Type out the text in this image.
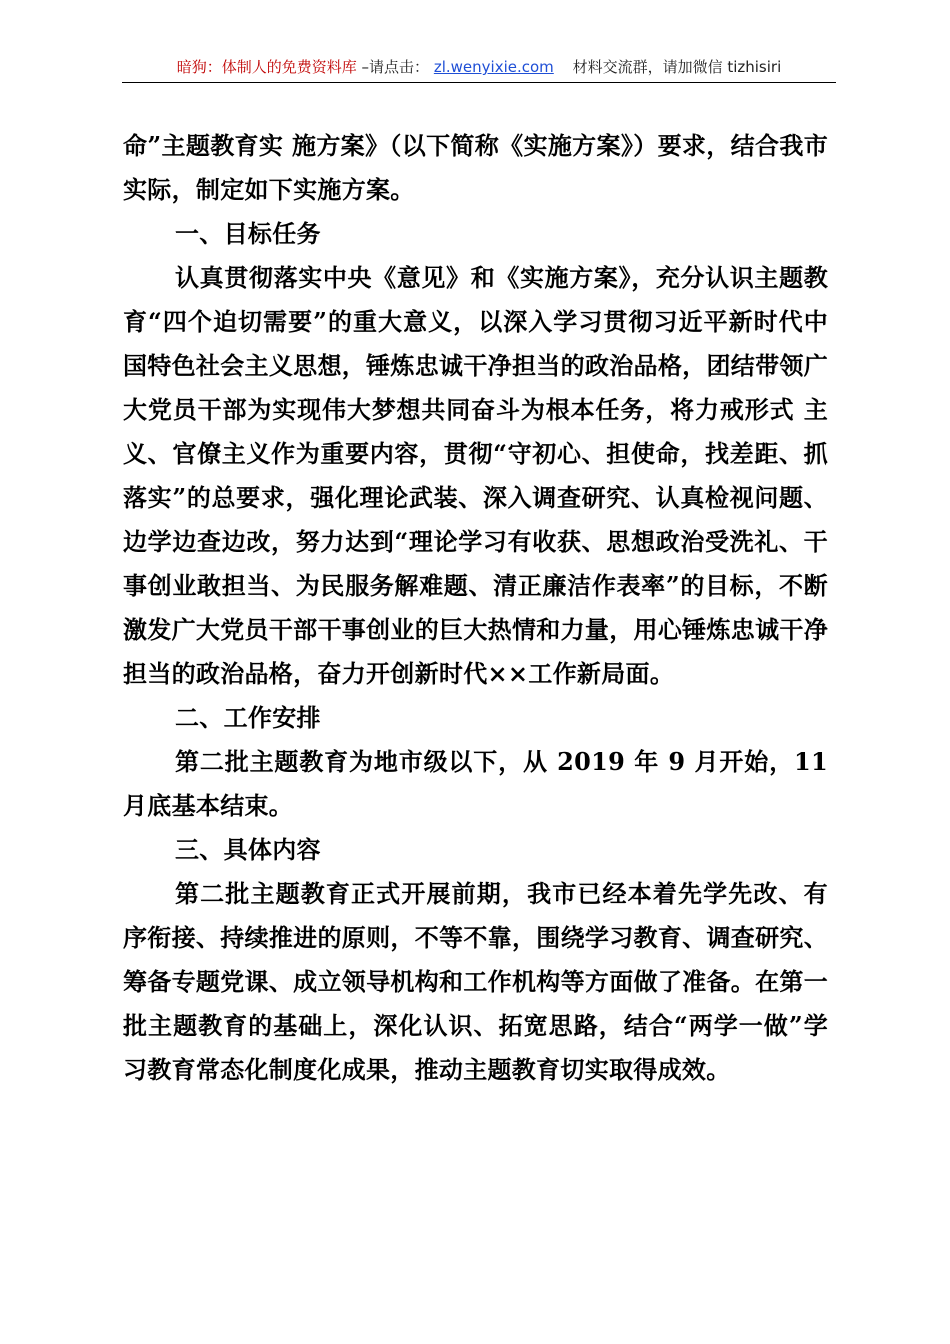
暗狗：体制人的免费资料库 –请点击： zl.wenyixie.com 材料交流群，请加微信 tizhisiri

命”主题教育实 施方案》（以下简称《实施方案》）要求，结合我市实际，制定如下实施方案。

一、目标任务

认真贯彻落实中央《意见》和《实施方案》，充分认识主题教育“四个迫切需要”的重大意义，以深入学习贯彻习近平新时代中国特色社会主义思想，锤炼忠诚干净担当的政治品格，团结带领广大党员干部为实现伟大梦想共同奋斗为根本任务，将力戒形式 主义、官僚主义作为重要内容，贯彻“守初心、担使命，找差距、抓落实”的总要求，强化理论武装、深入调查研究、认真检视问题、边学边查边改，努力达到“理论学习有收获、思想政治受洗礼、干事创业敢担当、为民服务解难题、清正廉洁作表率”的目标，不断激发广大党员干部干事创业的巨大热情和力量，用心锤炼忠诚干净 担当的政治品格，奋力开创新时代××工作新局面。

二、工作安排

第二批主题教育为地市级以下，从 2019 年 9 月开始，11 月底基本结束。

三、具体内容

第二批主题教育正式开展前期，我市已经本着先学先改、有序衔接、持续推进的原则，不等不靠，围绕学习教育、调查研究、筹备专题党课、成立领导机构和工作机构等方面做了准备。在第一批主题教育的基础上，深化认识、拓宽思路，结合“两学一做”学习教育常态化制度化成果，推动主题教育切实取得成效。
